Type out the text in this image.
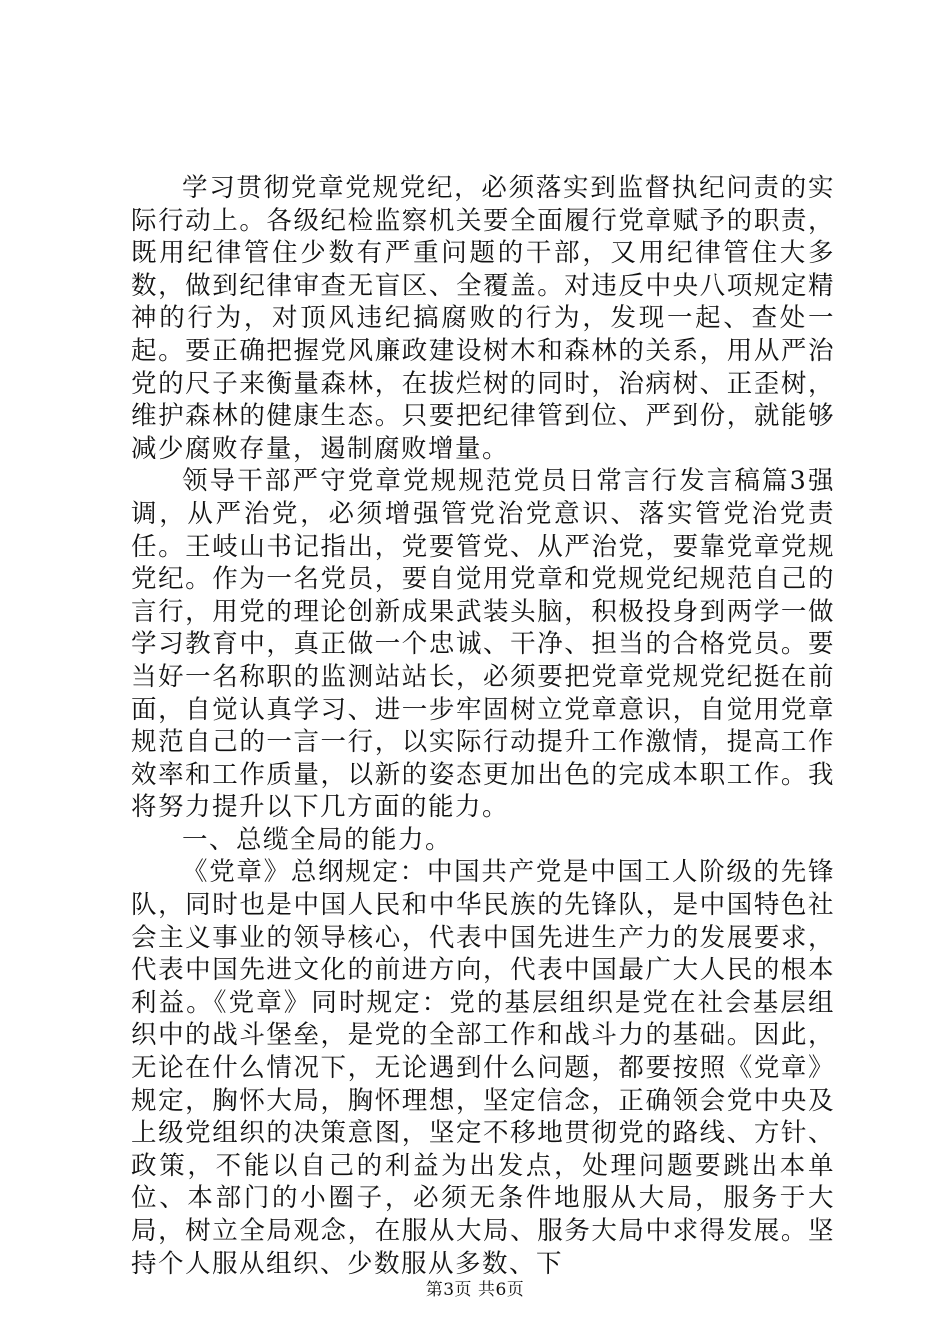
学习贯彻党章党规党纪，必须落实到监督执纪问责的实际行动上。各级纪检监察机关要全面履行党章赋予的职责，既用纪律管住少数有严重问题的干部，又用纪律管住大多数，做到纪律审查无盲区、全覆盖。对违反中央八项规定精神的行为，对顶风违纪搞腐败的行为，发现一起、查处一起。要正确把握党风廉政建设树木和森林的关系，用从严治党的尺子来衡量森林，在拔烂树的同时，治病树、正歪树，维护森林的健康生态。只要把纪律管到位、严到份，就能够减少腐败存量，遏制腐败增量。

领导干部严守党章党规规范党员日常言行发言稿篇3强调，从严治党，必须增强管党治党意识、落实管党治党责任。王岐山书记指出，党要管党、从严治党，要靠党章党规党纪。作为一名党员，要自觉用党章和党规党纪规范自己的言行，用党的理论创新成果武装头脑，积极投身到两学一做学习教育中，真正做一个忠诚、干净、担当的合格党员。要当好一名称职的监测站站长，必须要把党章党规党纪挺在前面，自觉认真学习、进一步牢固树立党章意识，自觉用党章规范自己的一言一行，以实际行动提升工作激情，提高工作效率和工作质量，以新的姿态更加出色的完成本职工作。我将努力提升以下几方面的能力。

一、总缆全局的能力。

《党章》总纲规定：中国共产党是中国工人阶级的先锋队，同时也是中国人民和中华民族的先锋队，是中国特色社会主义事业的领导核心，代表中国先进生产力的发展要求，代表中国先进文化的前进方向，代表中国最广大人民的根本利益。《党章》同时规定：党的基层组织是党在社会基层组织中的战斗堡垒，是党的全部工作和战斗力的基础。因此，无论在什么情况下，无论遇到什么问题，都要按照《党章》规定，胸怀大局，胸怀理想，坚定信念，正确领会党中央及上级党组织的决策意图，坚定不移地贯彻党的路线、方针、政策，不能以自己的利益为出发点，处理问题要跳出本单位、本部门的小圈子，必须无条件地服从大局，服务于大局，树立全局观念，在服从大局、服务大局中求得发展。坚持个人服从组织、少数服从多数、下

第3页 共6页
